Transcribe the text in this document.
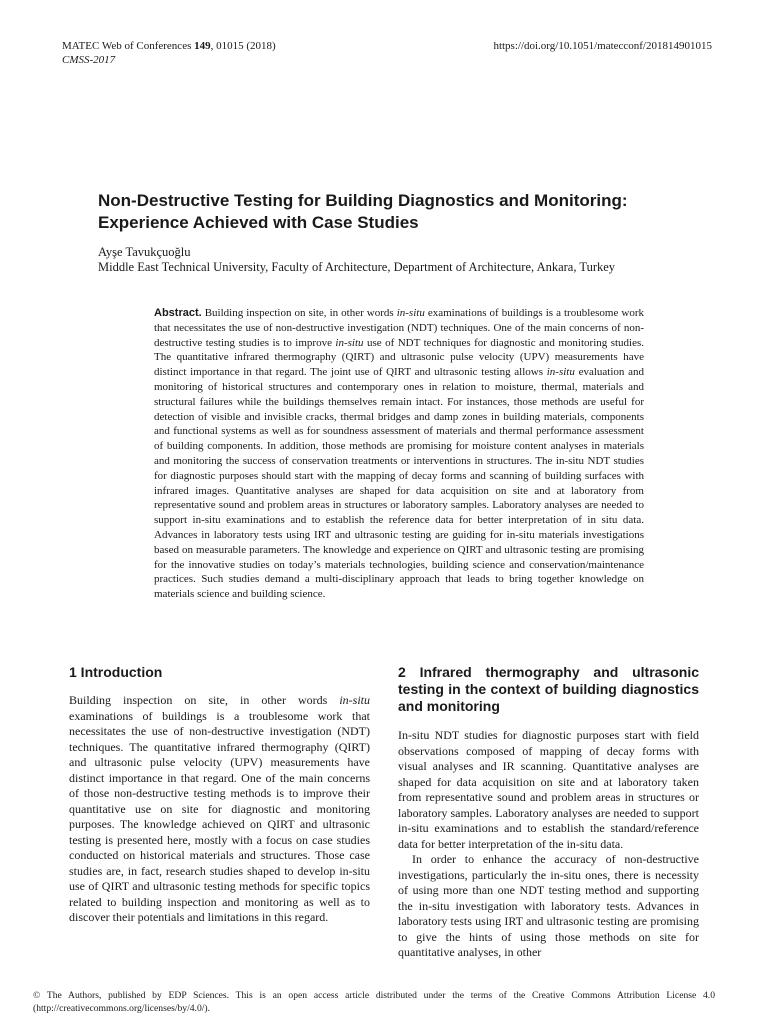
MATEC Web of Conferences 149, 01015 (2018)
CMSS-2017
https://doi.org/10.1051/matecconf/201814901015
Non-Destructive Testing for Building Diagnostics and Monitoring:
Experience Achieved with Case Studies
Ayşe Tavukçuoğlu
Middle East Technical University, Faculty of Architecture, Department of Architecture, Ankara, Turkey

Abstract. Building inspection on site, in other words in-situ examinations of buildings is a troublesome work that necessitates the use of non-destructive investigation (NDT) techniques. One of the main concerns of non-destructive testing studies is to improve in-situ use of NDT techniques for diagnostic and monitoring studies. The quantitative infrared thermography (QIRT) and ultrasonic pulse velocity (UPV) measurements have distinct importance in that regard. The joint use of QIRT and ultrasonic testing allows in-situ evaluation and monitoring of historical structures and contemporary ones in relation to moisture, thermal, materials and structural failures while the buildings themselves remain intact. For instances, those methods are useful for detection of visible and invisible cracks, thermal bridges and damp zones in building materials, components and functional systems as well as for soundness assessment of materials and thermal performance assessment of building components. In addition, those methods are promising for moisture content analyses in materials and monitoring the success of conservation treatments or interventions in structures. The in-situ NDT studies for diagnostic purposes should start with the mapping of decay forms and scanning of building surfaces with infrared images. Quantitative analyses are shaped for data acquisition on site and at laboratory from representative sound and problem areas in structures or laboratory samples. Laboratory analyses are needed to support in-situ examinations and to establish the reference data for better interpretation of in situ data. Advances in laboratory tests using IRT and ultrasonic testing are guiding for in-situ materials investigations based on measurable parameters. The knowledge and experience on QIRT and ultrasonic testing are promising for the innovative studies on today’s materials technologies, building science and conservation/maintenance practices. Such studies demand a multi-disciplinary approach that leads to bring together knowledge on materials science and building science.

1 Introduction

Building inspection on site, in other words in-situ examinations of buildings is a troublesome work that necessitates the use of non-destructive investigation (NDT) techniques. The quantitative infrared thermography (QIRT) and ultrasonic pulse velocity (UPV) measurements have distinct importance in that regard. One of the main concerns of those non-destructive testing methods is to improve their quantitative use on site for diagnostic and monitoring purposes. The knowledge achieved on QIRT and ultrasonic testing is presented here, mostly with a focus on case studies conducted on historical materials and structures. Those case studies are, in fact, research studies shaped to develop in-situ use of QIRT and ultrasonic testing methods for specific topics related to building inspection and monitoring as well as to discover their potentials and limitations in this regard.

2 Infrared thermography and ultrasonic testing in the context of building diagnostics and monitoring

In-situ NDT studies for diagnostic purposes start with field observations composed of mapping of decay forms with visual analyses and IR scanning. Quantitative analyses are shaped for data acquisition on site and at laboratory taken from representative sound and problem areas in structures or laboratory samples. Laboratory analyses are needed to support in-situ examinations and to establish the standard/reference data for better interpretation of the in-situ data.

In order to enhance the accuracy of non-destructive investigations, particularly the in-situ ones, there is necessity of using more than one NDT testing method and supporting the in-situ investigation with laboratory tests. Advances in laboratory tests using IRT and ultrasonic testing are promising to give the hints of using those methods on site for quantitative analyses, in other

© The Authors, published by EDP Sciences. This is an open access article distributed under the terms of the Creative Commons Attribution License 4.0 (http://creativecommons.org/licenses/by/4.0/).
